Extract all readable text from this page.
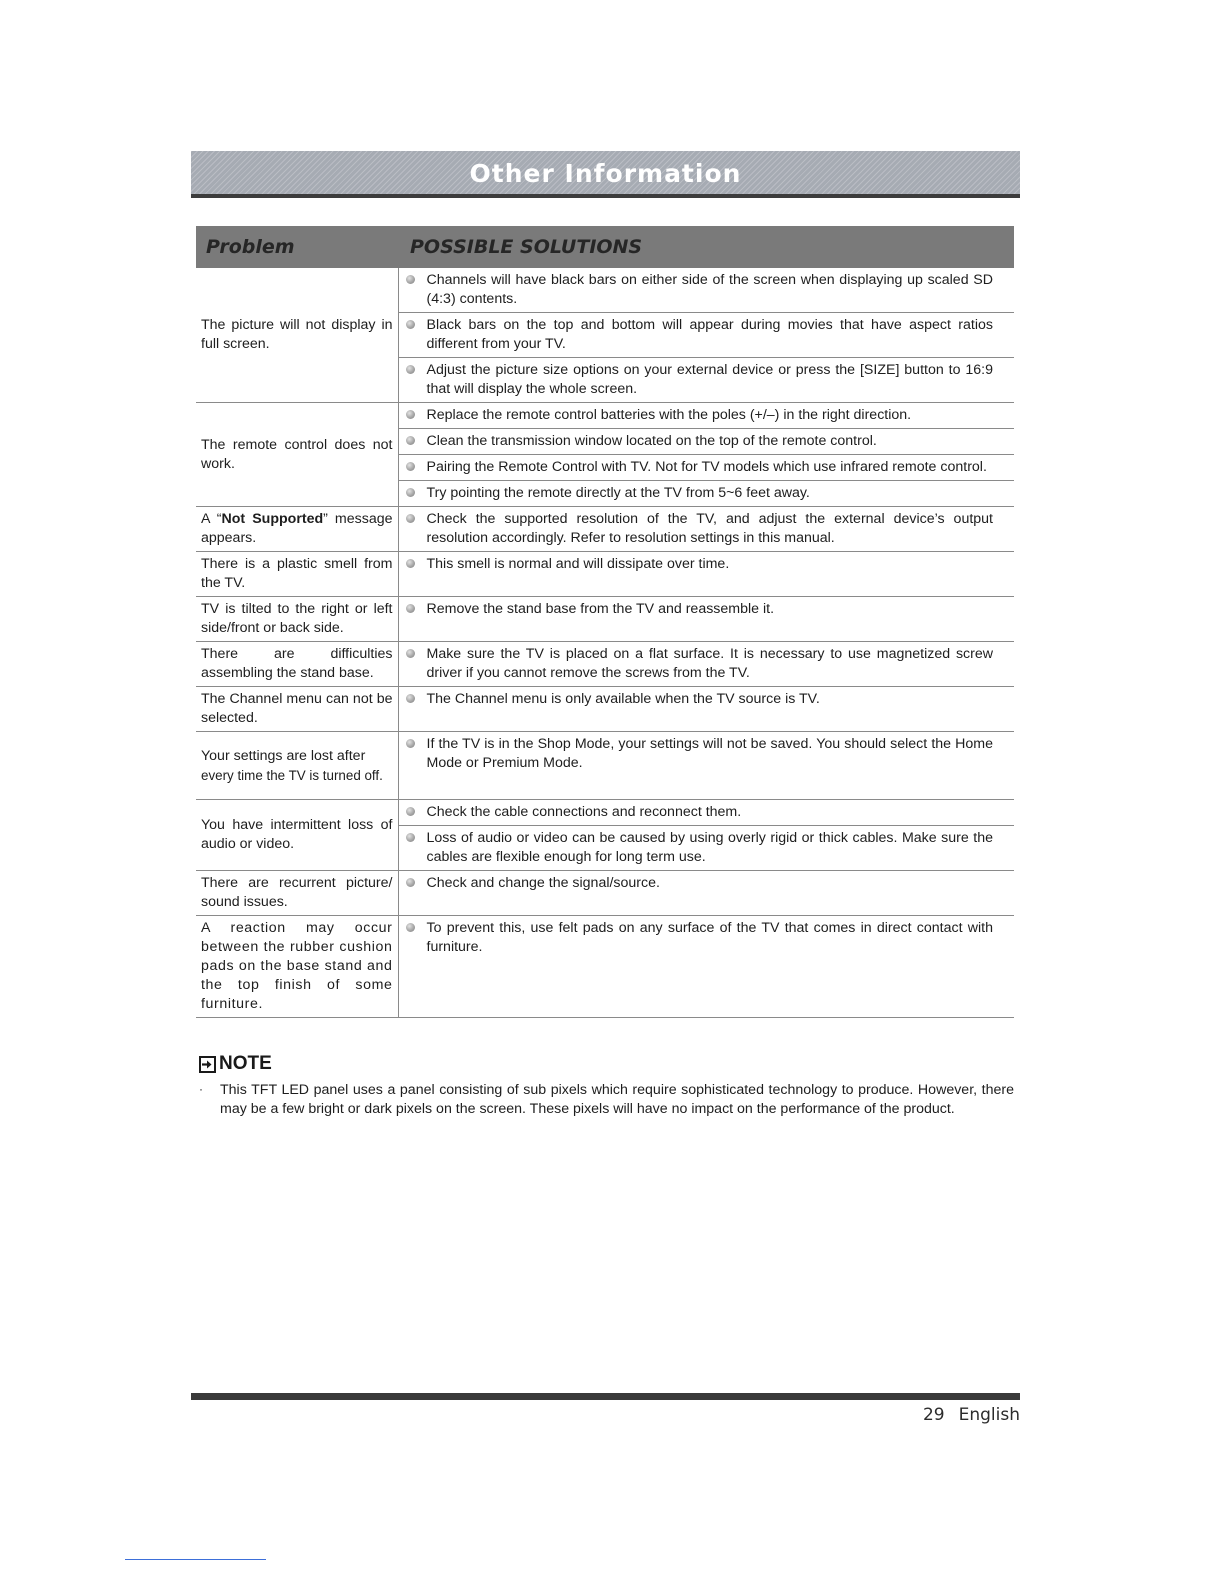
Other Information
Problem	POSSIBLE SOLUTIONS
The picture will not display in full screen.	Channels will have black bars on either side of the screen when displaying up scaled SD (4:3) contents.

Black bars on the top and bottom will appear during movies that have aspect ratios different from your TV.

Adjust the picture size options on your external device or press the [SIZE] button to 16:9 that will display the whole screen.
The remote control does not work.	Replace the remote control batteries with the poles (+/–) in the right direction.

Clean the transmission window located on the top of the remote control.

Pairing the Remote Control with TV. Not for TV models which use infrared remote control.

Try pointing the remote directly at the TV from 5~6 feet away.
A “Not Supported” message appears.	Check the supported resolution of the TV, and adjust the external device’s output resolution accordingly. Refer to resolution settings in this manual.
There is a plastic smell from the TV.	This smell is normal and will dissipate over time.
TV is tilted to the right or left side/front or back side.	Remove the stand base from the TV and reassemble it.
There are difficulties assembling the stand base.	Make sure the TV is placed on a flat surface. It is necessary to use magnetized screw driver if you cannot remove the screws from the TV.
The Channel menu can not be selected.	The Channel menu is only available when the TV source is TV.

Your settings are lost after
every time the TV is turned off.	If the TV is in the Shop Mode, your settings will not be saved. You should select the Home Mode or Premium Mode.
You have intermittent loss of audio or video.	Check the cable connections and reconnect them.

Loss of audio or video can be caused by using overly rigid or thick cables. Make sure the cables are flexible enough for long term use.
There are recurrent picture/ sound issues.	Check and change the signal/source.
A reaction may occur between the rubber cushion pads on the base stand and the top finish of some furniture.	To prevent this, use felt pads on any surface of the TV that comes in direct contact with furniture.
NOTE
· This TFT LED panel uses a panel consisting of sub pixels which require sophisticated technology to produce. However, there may be a few bright or dark pixels on the screen. These pixels will have no impact on the performance of the product.
29 English
